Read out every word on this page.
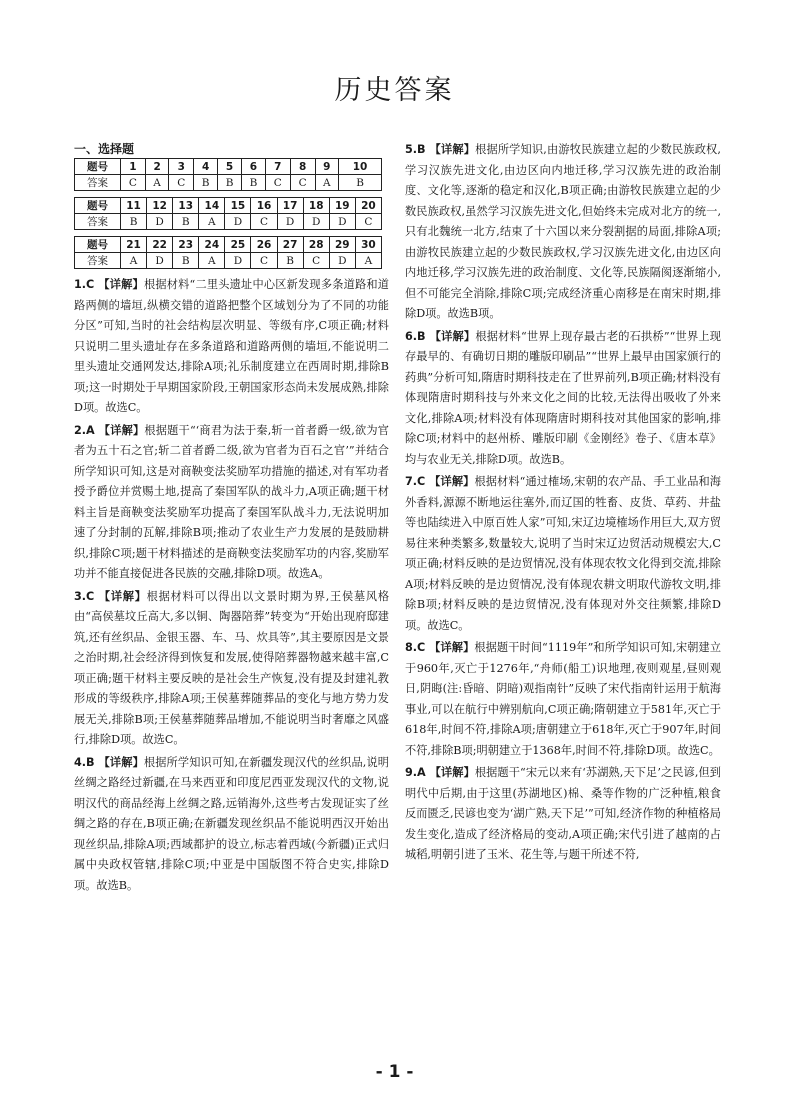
历史答案
一、选择题
题号	1	2	3	4	5	6	7	8	9	10
答案	C	A	C	B	B	B	C	C	A	B
题号	11	12	13	14	15	16	17	18	19	20
答案	B	D	B	A	D	C	D	D	D	C
题号	21	22	23	24	25	26	27	28	29	30
答案	A	D	B	A	D	C	B	C	D	A
1.C 【详解】根据材料“二里头遗址中心区新发现多条道路和道路两侧的墙垣,纵横交错的道路把整个区域划分为了不同的功能分区”可知,当时的社会结构层次明显、等级有序,C项正确;材料只说明二里头遗址存在多条道路和道路两侧的墙垣,不能说明二里头遗址交通网发达,排除A项;礼乐制度建立在西周时期,排除B项;这一时期处于早期国家阶段,王朝国家形态尚未发展成熟,排除D项。故选C。
2.A 【详解】根据题干“‘商君为法于秦,斩一首者爵一级,欲为官者为五十石之官;斩二首者爵二级,欲为官者为百石之官’”并结合所学知识可知,这是对商鞅变法奖励军功措施的描述,对有军功者授予爵位并赏赐土地,提高了秦国军队的战斗力,A项正确;题干材料主旨是商鞅变法奖励军功提高了秦国军队战斗力,无法说明加速了分封制的瓦解,排除B项;推动了农业生产力发展的是鼓励耕织,排除C项;题干材料描述的是商鞅变法奖励军功的内容,奖励军功并不能直接促进各民族的交融,排除D项。故选A。
3.C 【详解】根据材料可以得出以文景时期为界,王侯墓风格由“高侯墓坟丘高大,多以铜、陶器陪葬”转变为“开始出现府邸建筑,还有丝织品、金银玉器、车、马、炊具等”,其主要原因是文景之治时期,社会经济得到恢复和发展,使得陪葬器物越来越丰富,C项正确;题干材料主要反映的是社会生产恢复,没有提及封建礼教形成的等级秩序,排除A项;王侯墓葬随葬品的变化与地方势力发展无关,排除B项;王侯墓葬随葬品增加,不能说明当时奢靡之风盛行,排除D项。故选C。
4.B 【详解】根据所学知识可知,在新疆发现汉代的丝织品,说明丝绸之路经过新疆,在马来西亚和印度尼西亚发现汉代的文物,说明汉代的商品经海上丝绸之路,远销海外,这些考古发现证实了丝绸之路的存在,B项正确;在新疆发现丝织品不能说明西汉开始出现丝织品,排除A项;西域都护的设立,标志着西域(今新疆)正式归属中央政权管辖,排除C项;中亚是中国版图不符合史实,排除D项。故选B。
5.B 【详解】根据所学知识,由游牧民族建立起的少数民族政权,学习汉族先进文化,由边区向内地迁移,学习汉族先进的政治制度、文化等,逐渐的稳定和汉化,B项正确;由游牧民族建立起的少数民族政权,虽然学习汉族先进文化,但始终未完成对北方的统一,只有北魏统一北方,结束了十六国以来分裂割据的局面,排除A项;由游牧民族建立起的少数民族政权,学习汉族先进文化,由边区向内地迁移,学习汉族先进的政治制度、文化等,民族隔阂逐渐缩小,但不可能完全消除,排除C项;完成经济重心南移是在南宋时期,排除D项。故选B项。
6.B 【详解】根据材料“世界上现存最古老的石拱桥”“世界上现存最早的、有确切日期的雕版印刷品”“世界上最早由国家颁行的药典”分析可知,隋唐时期科技走在了世界前列,B项正确;材料没有体现隋唐时期科技与外来文化之间的比较,无法得出吸收了外来文化,排除A项;材料没有体现隋唐时期科技对其他国家的影响,排除C项;材料中的赵州桥、雕版印刷《金刚经》卷子、《唐本草》均与农业无关,排除D项。故选B。
7.C 【详解】根据材料“通过榷场,宋朝的农产品、手工业品和海外香料,源源不断地运往塞外,而辽国的牲畜、皮货、草药、井盐等也陆续进入中原百姓人家”可知,宋辽边境榷场作用巨大,双方贸易往来种类繁多,数量较大,说明了当时宋辽边贸活动规模宏大,C项正确;材料反映的是边贸情况,没有体现农牧文化得到交流,排除A项;材料反映的是边贸情况,没有体现农耕文明取代游牧文明,排除B项;材料反映的是边贸情况,没有体现对外交往频繁,排除D项。故选C。
8.C 【详解】根据题干时间“1119年”和所学知识可知,宋朝建立于960年,灭亡于1276年,“舟师(船工)识地理,夜则观星,昼则观日,阴晦(注:昏暗、阴暗)观指南针”反映了宋代指南针运用于航海事业,可以在航行中辨别航向,C项正确;隋朝建立于581年,灭亡于618年,时间不符,排除A项;唐朝建立于618年,灭亡于907年,时间不符,排除B项;明朝建立于1368年,时间不符,排除D项。故选C。
9.A 【详解】根据题干“宋元以来有‘苏湖熟,天下足’之民谚,但到明代中后期,由于这里(苏湖地区)棉、桑等作物的广泛种植,粮食反而匮乏,民谚也变为‘湖广熟,天下足’”可知,经济作物的种植格局发生变化,造成了经济格局的变动,A项正确;宋代引进了越南的占城稻,明朝引进了玉米、花生等,与题干所述不符,
- 1 -
